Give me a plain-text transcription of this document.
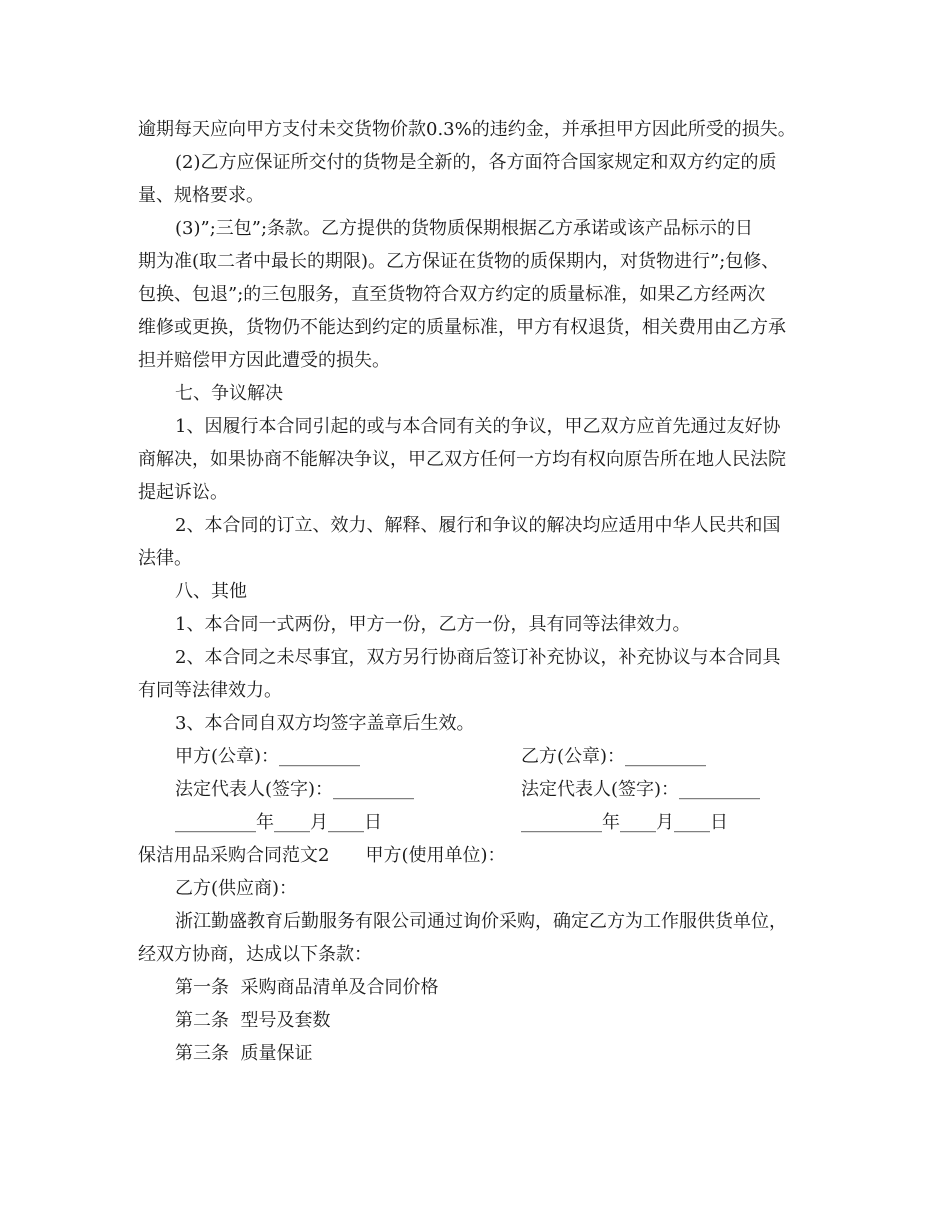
逾期每天应向甲方支付未交货物价款0.3%的违约金，并承担甲方因此所受的损失。
(2)乙方应保证所交付的货物是全新的，各方面符合国家规定和双方约定的质
量、规格要求。
(3)”;三包”;条款。乙方提供的货物质保期根据乙方承诺或该产品标示的日
期为准(取二者中最长的期限)。乙方保证在货物的质保期内，对货物进行”;包修、
包换、包退”;的三包服务，直至货物符合双方约定的质量标准，如果乙方经两次
维修或更换，货物仍不能达到约定的质量标准，甲方有权退货，相关费用由乙方承
担并赔偿甲方因此遭受的损失。
七、争议解决
1、因履行本合同引起的或与本合同有关的争议，甲乙双方应首先通过友好协
商解决，如果协商不能解决争议，甲乙双方任何一方均有权向原告所在地人民法院
提起诉讼。
2、本合同的订立、效力、解释、履行和争议的解决均应适用中华人民共和国
法律。
八、其他
1、本合同一式两份，甲方一份，乙方一份，具有同等法律效力。
2、本合同之未尽事宜，双方另行协商后签订补充协议，补充协议与本合同具
有同等法律效力。
3、本合同自双方均签字盖章后生效。
甲方(公章)：_________	乙方(公章)：_________
法定代表人(签字)：_________	法定代表人(签字)：_________
_________年____月____日	_________年____月____日
保洁用品采购合同范文2　　甲方(使用单位)：
乙方(供应商)：
浙江勤盛教育后勤服务有限公司通过询价采购，确定乙方为工作服供货单位，
经双方协商，达成以下条款：
第一条  采购商品清单及合同价格
第二条  型号及套数
第三条  质量保证
